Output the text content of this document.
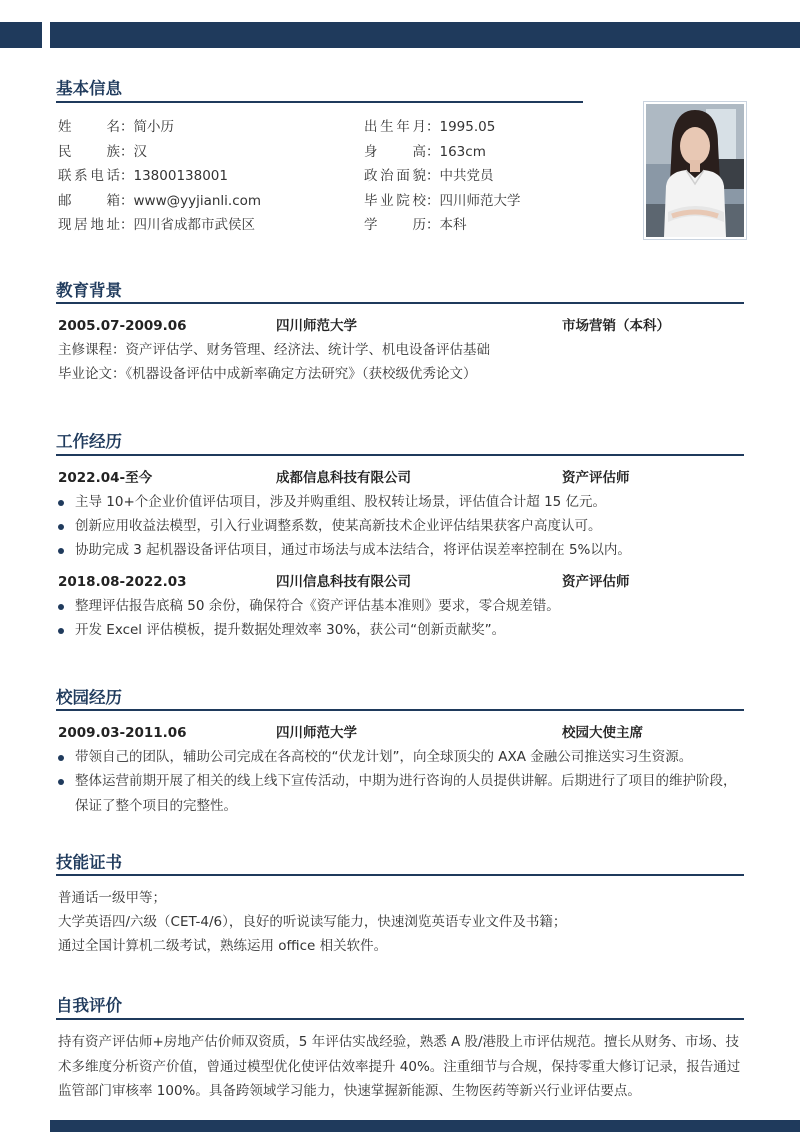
基本信息
姓名：简小历
民族：汉
联系电话：13800138001
邮箱：www@yyjianli.com
现居地址：四川省成都市武侯区
出生年月：1995.05
身高：163cm
政治面貌：中共党员
毕业院校：四川师范大学
学历：本科
教育背景
2005.07-2009.06	四川师范大学	市场营销（本科）
主修课程：资产评估学、财务管理、经济法、统计学、机电设备评估基础
毕业论文：《机器设备评估中成新率确定方法研究》（获校级优秀论文）
工作经历
2022.04-至今	成都信息科技有限公司	资产评估师
主导 10+个企业价值评估项目，涉及并购重组、股权转让场景，评估值合计超 15 亿元。
创新应用收益法模型，引入行业调整系数，使某高新技术企业评估结果获客户高度认可。
协助完成 3 起机器设备评估项目，通过市场法与成本法结合，将评估误差率控制在 5%以内。
2018.08-2022.03	四川信息科技有限公司	资产评估师
整理评估报告底稿 50 余份，确保符合《资产评估基本准则》要求，零合规差错。
开发 Excel 评估模板，提升数据处理效率 30%，获公司“创新贡献奖”。
校园经历
2009.03-2011.06	四川师范大学	校园大使主席
带领自己的团队，辅助公司完成在各高校的“伏龙计划”，向全球顶尖的 AXA 金融公司推送实习生资源。
整体运营前期开展了相关的线上线下宣传活动，中期为进行咨询的人员提供讲解。后期进行了项目的维护阶段，保证了整个项目的完整性。
技能证书
普通话一级甲等；
大学英语四/六级（CET-4/6），良好的听说读写能力，快速浏览英语专业文件及书籍；
通过全国计算机二级考试，熟练运用 office 相关软件。
自我评价
持有资产评估师+房地产估价师双资质，5 年评估实战经验，熟悉 A 股/港股上市评估规范。擅长从财务、市场、技术多维度分析资产价值，曾通过模型优化使评估效率提升 40%。注重细节与合规，保持零重大修订记录，报告通过监管部门审核率 100%。具备跨领域学习能力，快速掌握新能源、生物医药等新兴行业评估要点。
